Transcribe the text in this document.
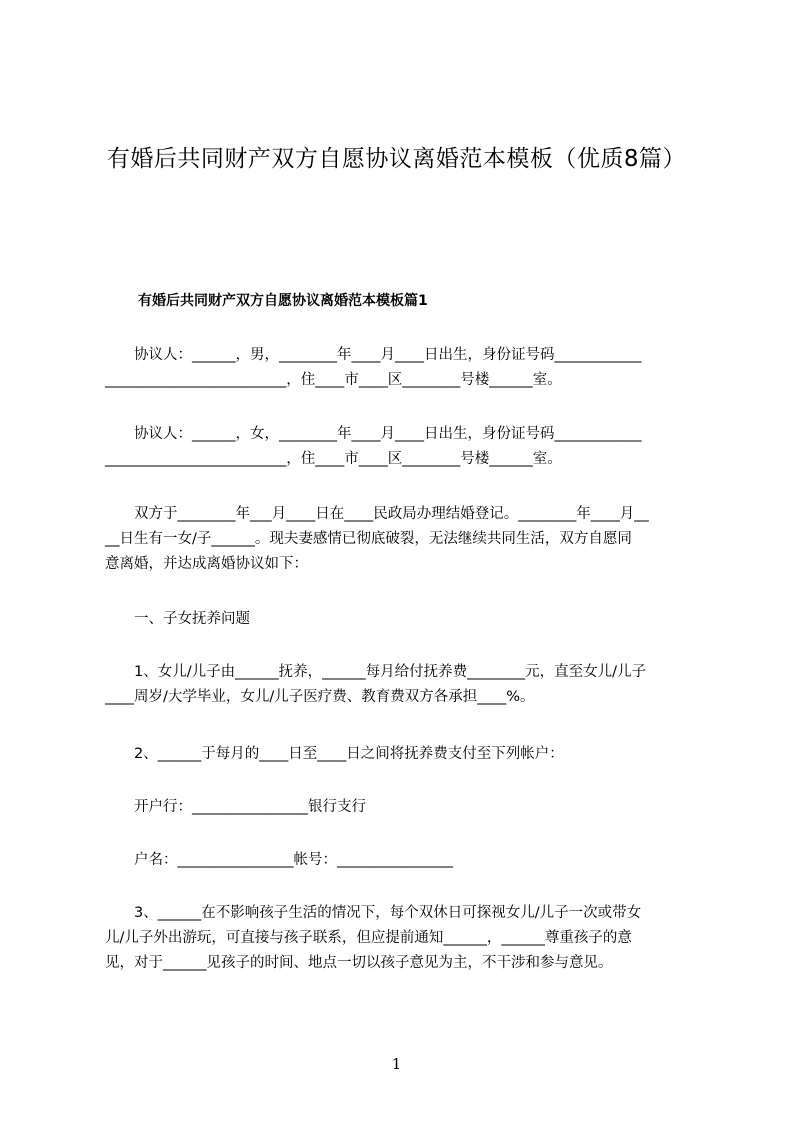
有婚后共同财产双方自愿协议离婚范本模板（优质8篇）
有婚后共同财产双方自愿协议离婚范本模板篇1
　　协议人：______，男，________年____月____日出生，身份证号码____________
_________________________，住____市____区________号楼______室。
　　协议人：______，女，________年____月____日出生，身份证号码____________
_________________________，住____市____区________号楼______室。
　　双方于________年___月____日在____民政局办理结婚登记。________年____月__
__日生有一女/子______。现夫妻感情已彻底破裂，无法继续共同生活，双方自愿同
意离婚，并达成离婚协议如下：
　　一、子女抚养问题
　　1、女儿/儿子由______抚养，______每月给付抚养费________元，直至女儿/儿子
____周岁/大学毕业，女儿/儿子医疗费、教育费双方各承担____%。
　　2、______于每月的____日至____日之间将抚养费支付至下列帐户：
　　开户行：________________银行支行
　　户名：________________帐号：________________
　　3、______在不影响孩子生活的情况下，每个双休日可探视女儿/儿子一次或带女
儿/儿子外出游玩，可直接与孩子联系，但应提前通知______，______尊重孩子的意
见，对于______见孩子的时间、地点一切以孩子意见为主，不干涉和参与意见。
1
